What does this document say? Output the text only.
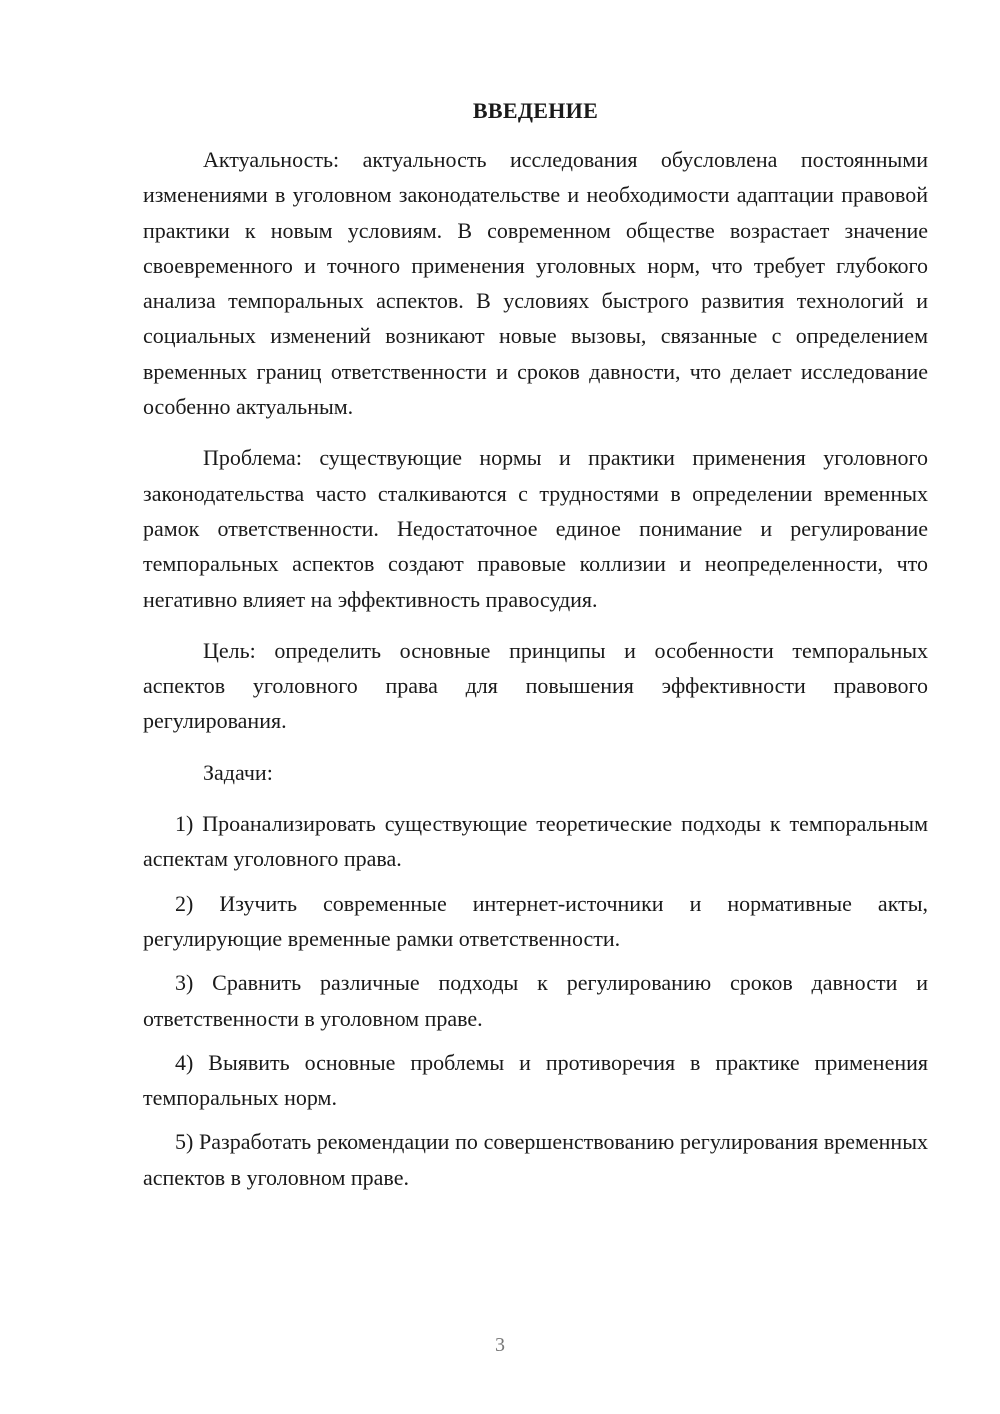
ВВЕДЕНИЕ

Актуальность: актуальность исследования обусловлена постоянными изменениями в уголовном законодательстве и необходимости адаптации правовой практики к новым условиям. В современном обществе возрастает значение своевременного и точного применения уголовных норм, что требует глубокого анализа темпоральных аспектов. В условиях быстрого развития технологий и социальных изменений возникают новые вызовы, связанные с определением временных границ ответственности и сроков давности, что делает исследование особенно актуальным.

Проблема: существующие нормы и практики применения уголовного законодательства часто сталкиваются с трудностями в определении временных рамок ответственности. Недостаточное единое понимание и регулирование темпоральных аспектов создают правовые коллизии и неопределенности, что негативно влияет на эффективность правосудия.

Цель: определить основные принципы и особенности темпоральных аспектов уголовного права для повышения эффективности правового регулирования.

Задачи:

1) Проанализировать существующие теоретические подходы к темпоральным аспектам уголовного права.

2) Изучить современные интернет-источники и нормативные акты, регулирующие временные рамки ответственности.

3) Сравнить различные подходы к регулированию сроков давности и ответственности в уголовном праве.

4) Выявить основные проблемы и противоречия в практике применения темпоральных норм.

5) Разработать рекомендации по совершенствованию регулирования временных аспектов в уголовном праве.

3
